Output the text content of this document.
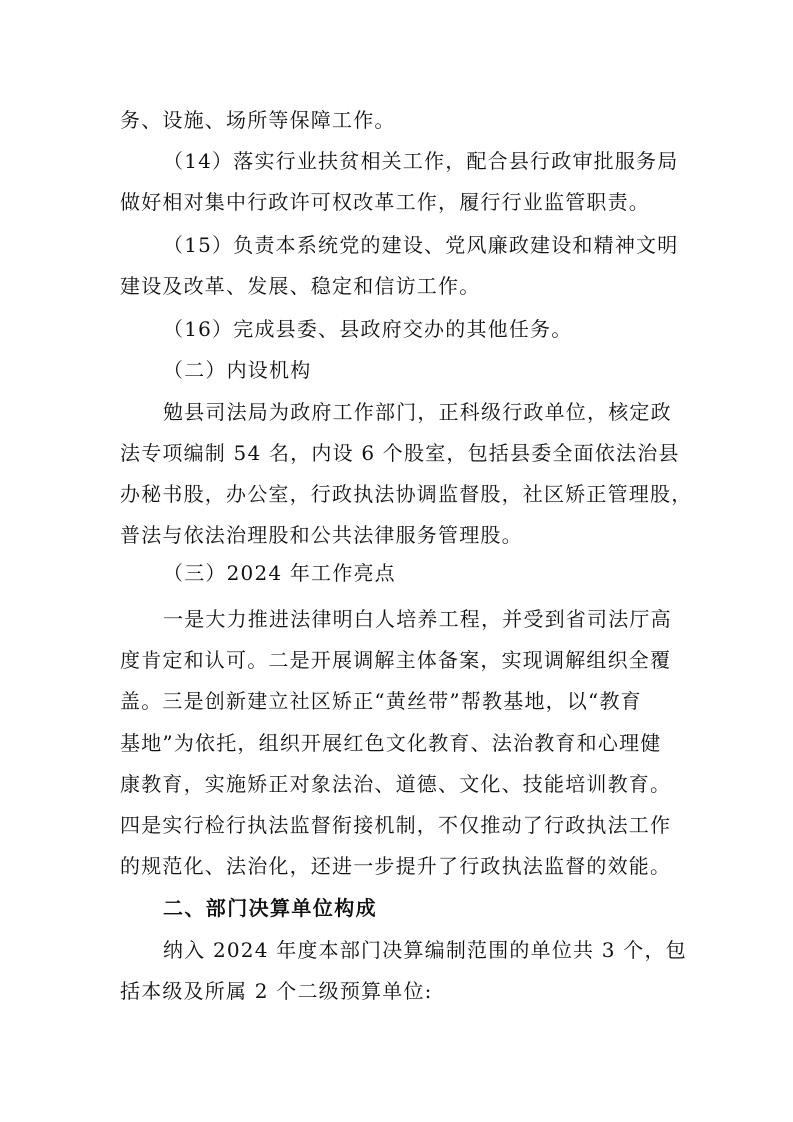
务、设施、场所等保障工作。
（14）落实行业扶贫相关工作，配合县行政审批服务局
做好相对集中行政许可权改革工作，履行行业监管职责。
（15）负责本系统党的建设、党风廉政建设和精神文明
建设及改革、发展、稳定和信访工作。
（16）完成县委、县政府交办的其他任务。
（二）内设机构
勉县司法局为政府工作部门，正科级行政单位，核定政
法专项编制 54 名，内设 6 个股室，包括县委全面依法治县
办秘书股，办公室，行政执法协调监督股，社区矫正管理股，
普法与依法治理股和公共法律服务管理股。
（三）2024 年工作亮点
一是大力推进法律明白人培养工程，并受到省司法厅高
度肯定和认可。二是开展调解主体备案，实现调解组织全覆
盖。三是创新建立社区矫正“黄丝带”帮教基地，以“教育
基地”为依托，组织开展红色文化教育、法治教育和心理健
康教育，实施矫正对象法治、道德、文化、技能培训教育。
四是实行检行执法监督衔接机制，不仅推动了行政执法工作
的规范化、法治化，还进一步提升了行政执法监督的效能。
二、部门决算单位构成
纳入 2024 年度本部门决算编制范围的单位共 3 个，包
括本级及所属 2 个二级预算单位:
